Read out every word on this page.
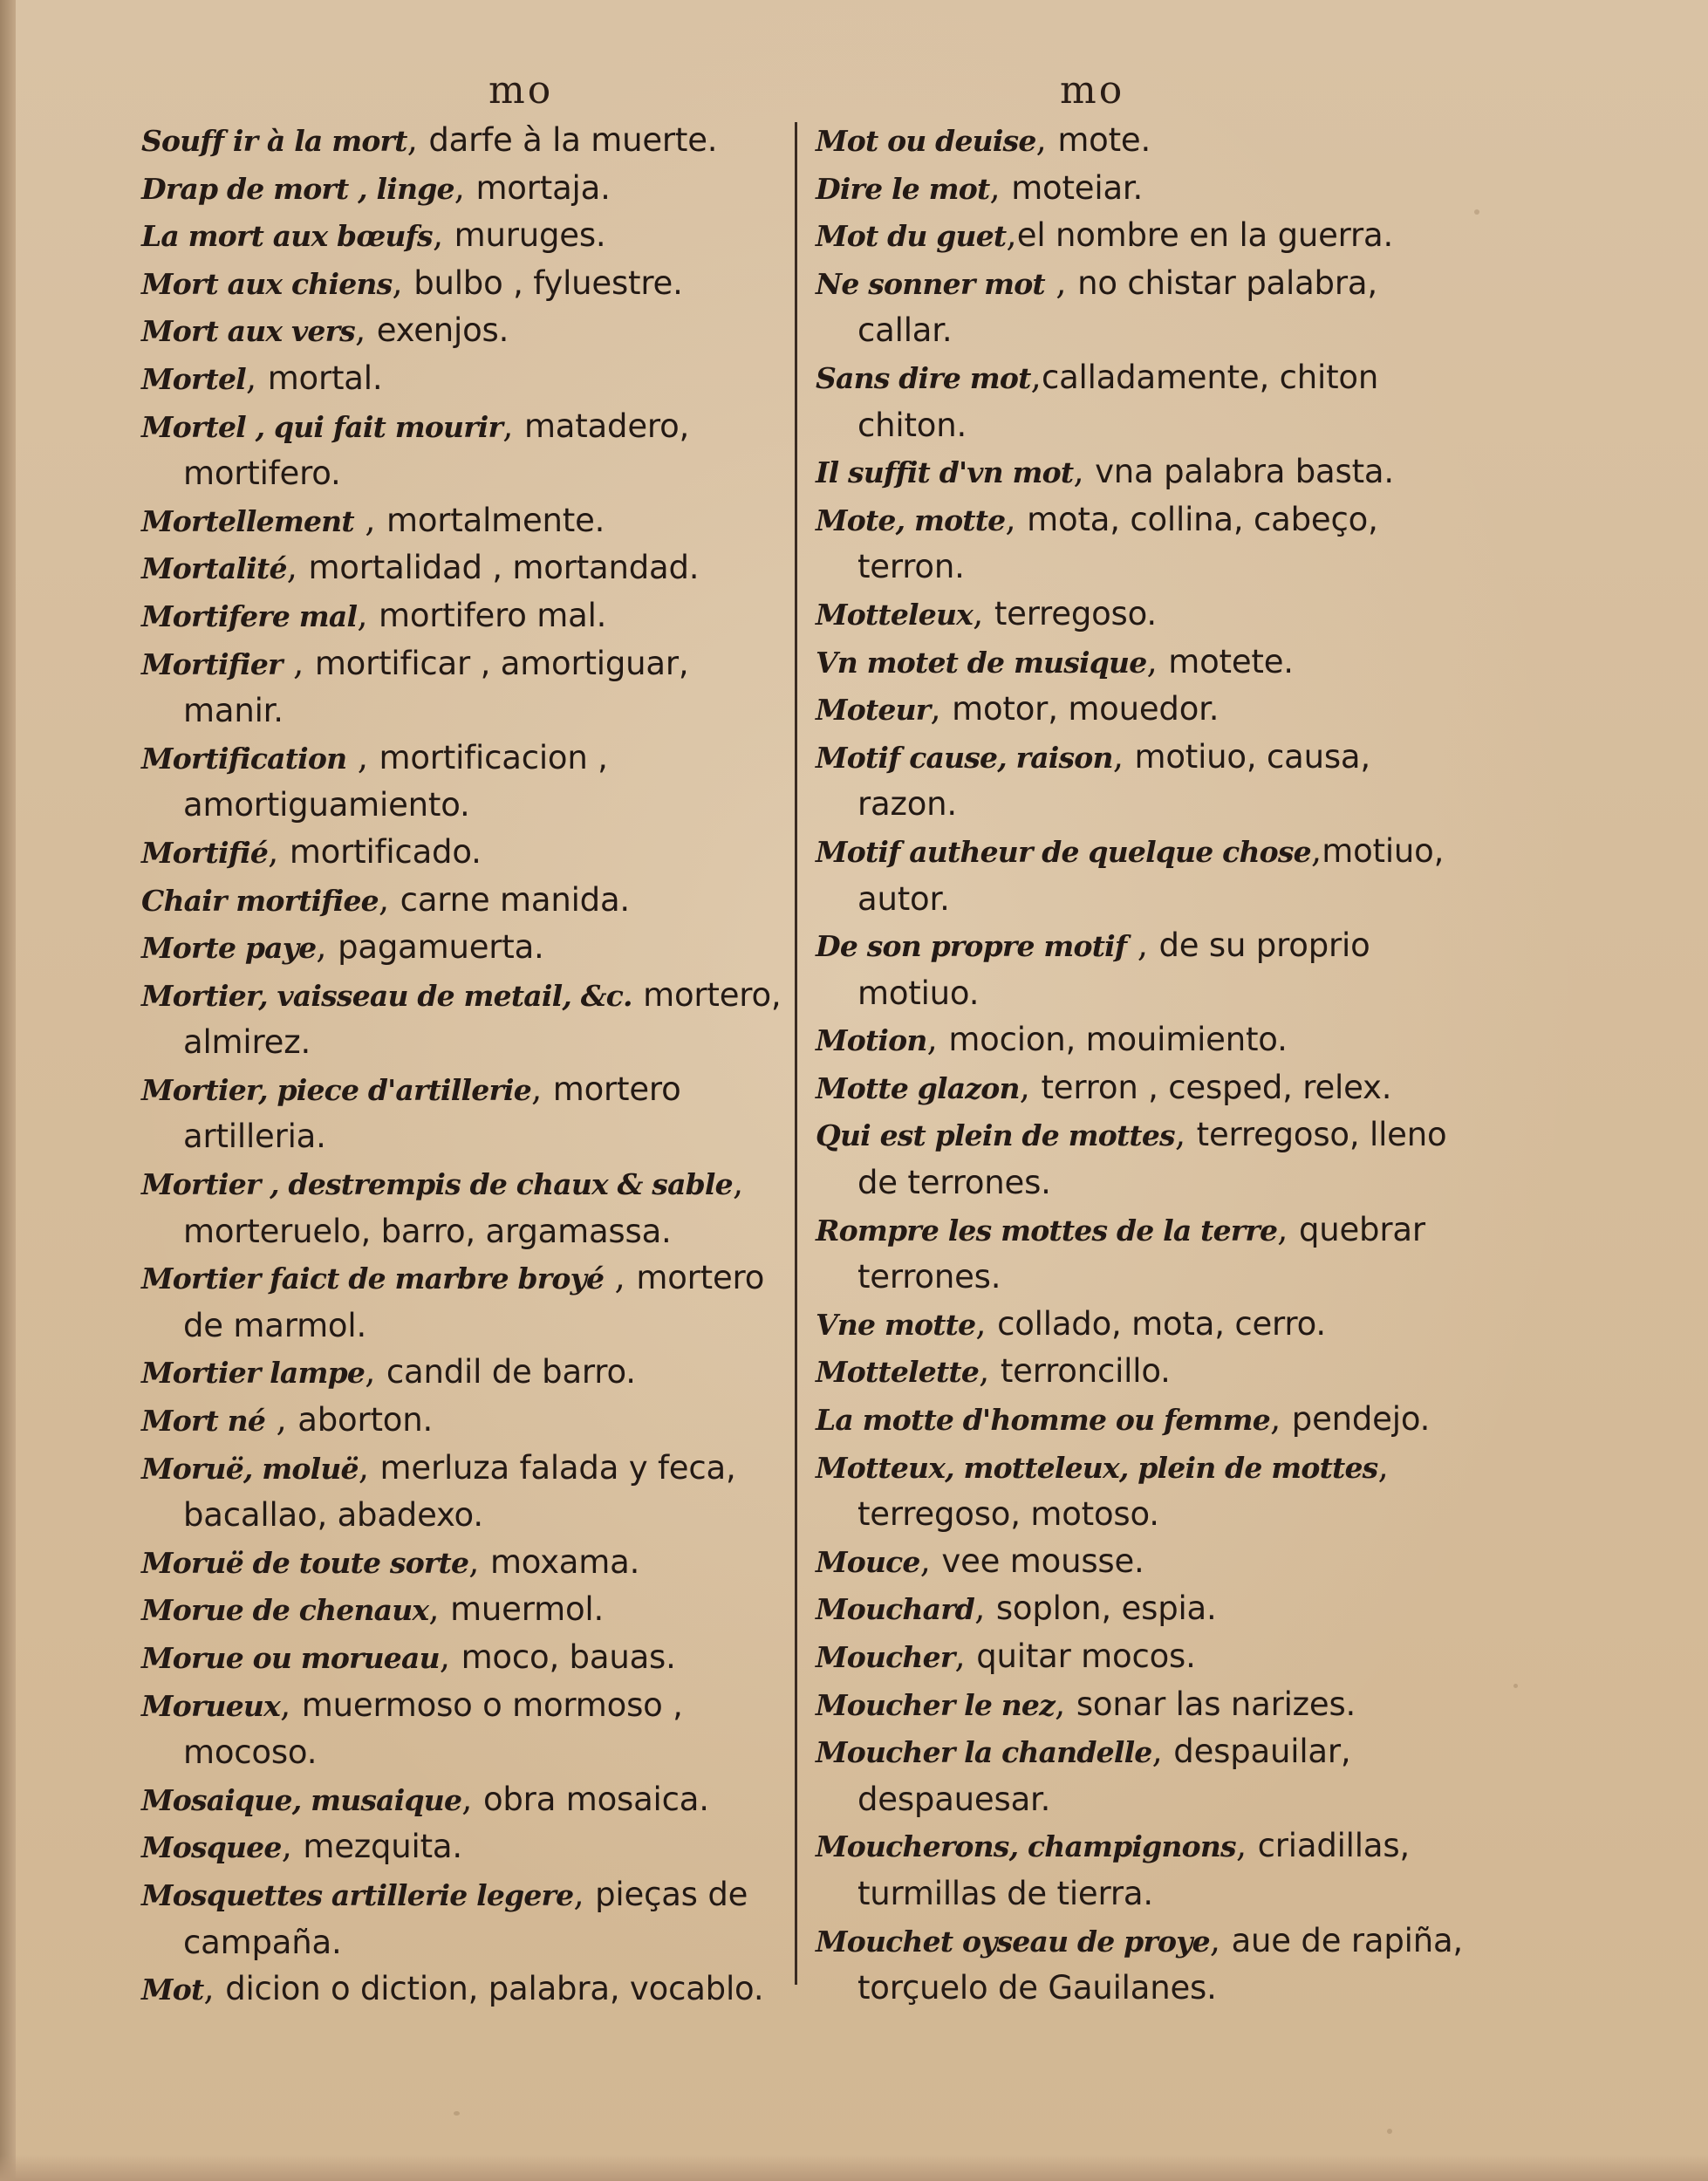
mo	mo
Souff ir à la mort, darfe à la muerte.
Drap de mort , linge, mortaja.
La mort aux bœufs, muruges.
Mort aux chiens, bulbo , fyluestre.
Mort aux vers, exenjos.
Mortel, mortal.
Mortel , qui fait mourir, matadero, mortifero.
Mortellement , mortalmente.
Mortalité, mortalidad , mortandad.
Mortifere mal, mortifero mal.
Mortifier , mortificar , amortiguar, manir.
Mortification , mortificacion , amortiguamiento.
Mortifié, mortificado.
Chair mortifiee, carne manida.
Morte paye, pagamuerta.
Mortier, vaisseau de metail, &c. mortero, almirez.
Mortier, piece d'artillerie, mortero artilleria.
Mortier , destrempis de chaux & sable, morteruelo, barro, argamassa.
Mortier faict de marbre broyé , mortero de marmol.
Mortier lampe, candil de barro.
Mort né , aborton.
Moruë, moluë, merluza falada y feca, bacallao, abadexo.
Moruë de toute sorte, moxama.
Morue de chenaux, muermol.
Morue ou morueau, moco, bauas.
Morueux, muermoso o mormoso , mocoso.
Mosaique, musaique, obra mosaica.
Mosquee, mezquita.
Mosquettes artillerie legere, pieças de campaña.
Mot, dicion o diction, palabra, vocablo.
Mot ou deuise, mote.
Dire le mot, moteiar.
Mot du guet,el nombre en la guerra.
Ne sonner mot , no chistar palabra, callar.
Sans dire mot,calladamente, chiton chiton.
Il suffit d'vn mot, vna palabra basta.
Mote, motte, mota, collina, cabeço, terron.
Motteleux, terregoso.
Vn motet de musique, motete.
Moteur, motor, mouedor.
Motif cause, raison, motiuo, causa, razon.
Motif autheur de quelque chose,motiuo, autor.
De son propre motif , de su proprio motiuo.
Motion, mocion, mouimiento.
Motte glazon, terron , cesped, relex.
Qui est plein de mottes, terregoso, lleno de terrones.
Rompre les mottes de la terre, quebrar terrones.
Vne motte, collado, mota, cerro.
Mottelette, terroncillo.
La motte d'homme ou femme, pendejo.
Motteux, motteleux, plein de mottes, terregoso, motoso.
Mouce, vee mousse.
Mouchard, soplon, espia.
Moucher, quitar mocos.
Moucher le nez, sonar las narizes.
Moucher la chandelle, despauilar, despauesar.
Moucherons, champignons, criadillas, turmillas de tierra.
Mouchet oyseau de proye, aue de rapiña, torçuelo de Gauilanes.
